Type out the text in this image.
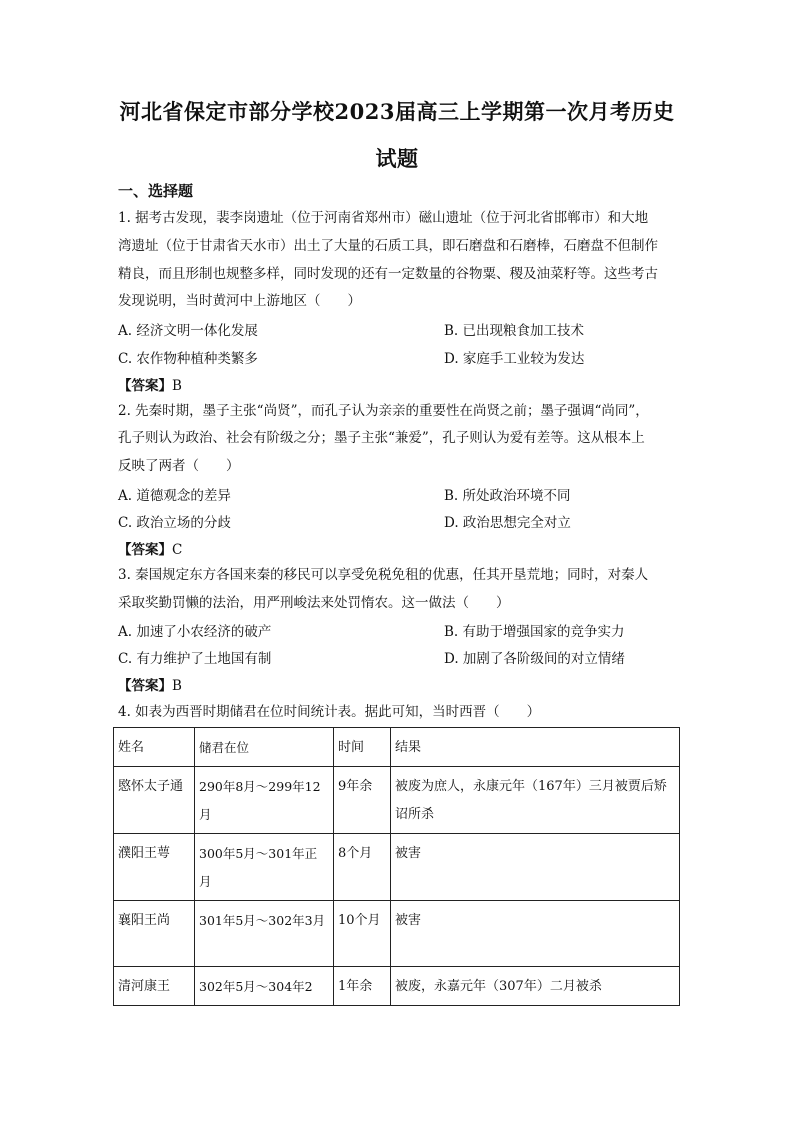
河北省保定市部分学校2023届高三上学期第一次月考历史
试题
一、选择题
1. 据考古发现，裴李岗遗址（位于河南省郑州市）磁山遗址（位于河北省邯郸市）和大地
湾遗址（位于甘肃省天水市）出土了大量的石质工具，即石磨盘和石磨棒，石磨盘不但制作
精良，而且形制也规整多样，同时发现的还有一定数量的谷物粟、稷及油菜籽等。这些考古
发现说明，当时黄河中上游地区（　　）
A. 经济文明一体化发展	B. 已出现粮食加工技术
C. 农作物种植种类繁多	D. 家庭手工业较为发达
【答案】B
2. 先秦时期，墨子主张“尚贤”，而孔子认为亲亲的重要性在尚贤之前；墨子强调“尚同”，
孔子则认为政治、社会有阶级之分；墨子主张“兼爱”，孔子则认为爱有差等。这从根本上
反映了两者（　　）
A. 道德观念的差异	B. 所处政治环境不同
C. 政治立场的分歧	D. 政治思想完全对立
【答案】C
3. 秦国规定东方各国来秦的移民可以享受免税免租的优惠，任其开垦荒地；同时，对秦人
采取奖勤罚懒的法治，用严刑峻法来处罚惰农。这一做法（　　）
A. 加速了小农经济的破产	B. 有助于增强国家的竞争实力
C. 有力维护了土地国有制	D. 加剧了各阶级间的对立情绪
【答案】B
4. 如表为西晋时期储君在位时间统计表。据此可知，当时西晋（　　）
姓名	储君在位	时间	结果
愍怀太子通	290年8月～299年12月	9年余	被废为庶人，永康元年（167年）三月被贾后矫诏所杀
濮阳王萼	300年5月～301年正月	8个月	被害
襄阳王尚	301年5月～302年3月	10个月	被害
清河康王	302年5月～304年2	1年余	被废，永嘉元年（307年）二月被杀
